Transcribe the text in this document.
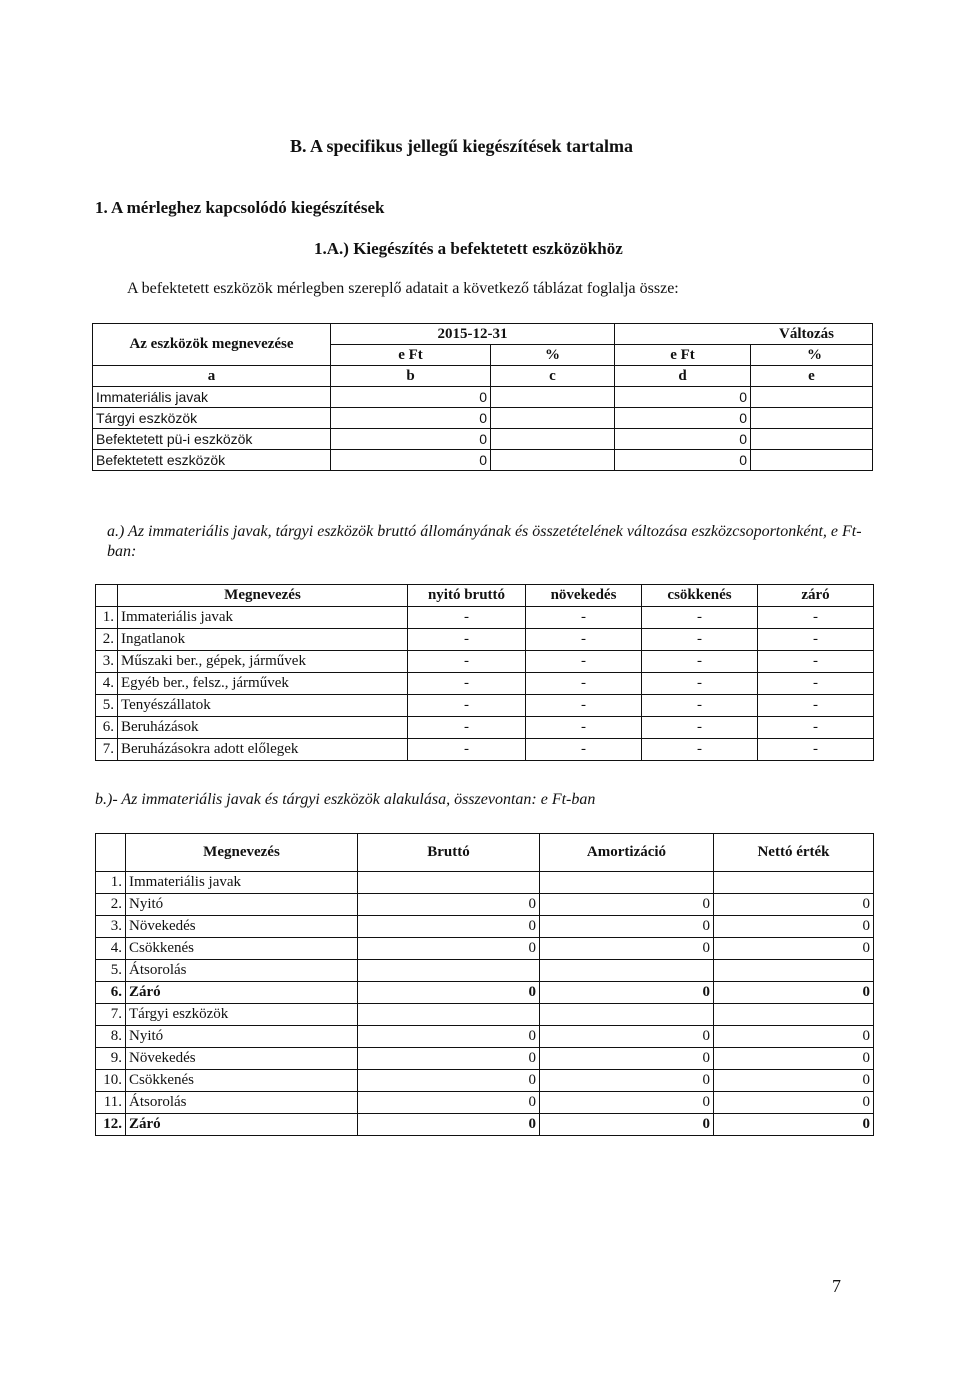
B. A specifikus jellegű kiegészítések tartalma
1. A mérleghez kapcsolódó kiegészítések
1.A.) Kiegészítés a befektetett eszközökhöz
A befektetett eszközök mérlegben szereplő adatait a következő táblázat foglalja össze:
Az eszközök megnevezése	2015-12-31		Változás	
	e Ft	%	e Ft	%
a	b	c	d	e
Immateriális javak	0		0	
Tárgyi eszközök	0		0	
Befektetett pü-i eszközök	0		0	
Befektetett eszközök	0		0	
a.) Az immateriális javak, tárgyi eszközök bruttó állományának és összetételének változása eszközcsoportonként, e Ft-ban:
	Megnevezés	nyitó bruttó	növekedés	csökkenés	záró
1.	Immateriális javak	-	-	-	-
2.	Ingatlanok	-	-	-	-
3.	Műszaki ber., gépek, járművek	-	-	-	-
4.	Egyéb ber., felsz., járművek	-	-	-	-
5.	Tenyészállatok	-	-	-	-
6.	Beruházások	-	-	-	-
7.	Beruházásokra adott előlegek	-	-	-	-
b.)- Az immateriális javak és tárgyi eszközök alakulása, összevontan: e Ft-ban
	Megnevezés	Bruttó	Amortizáció	Nettó érték
1.	Immateriális javak			
2.	Nyitó	0	0	0
3.	Növekedés	0	0	0
4.	Csökkenés	0	0	0
5.	Átsorolás			
6.	Záró	0	0	0
7.	Tárgyi eszközök			
8.	Nyitó	0	0	0
9.	Növekedés	0	0	0
10.	Csökkenés	0	0	0
11.	Átsorolás	0	0	0
12.	Záró	0	0	0
7
